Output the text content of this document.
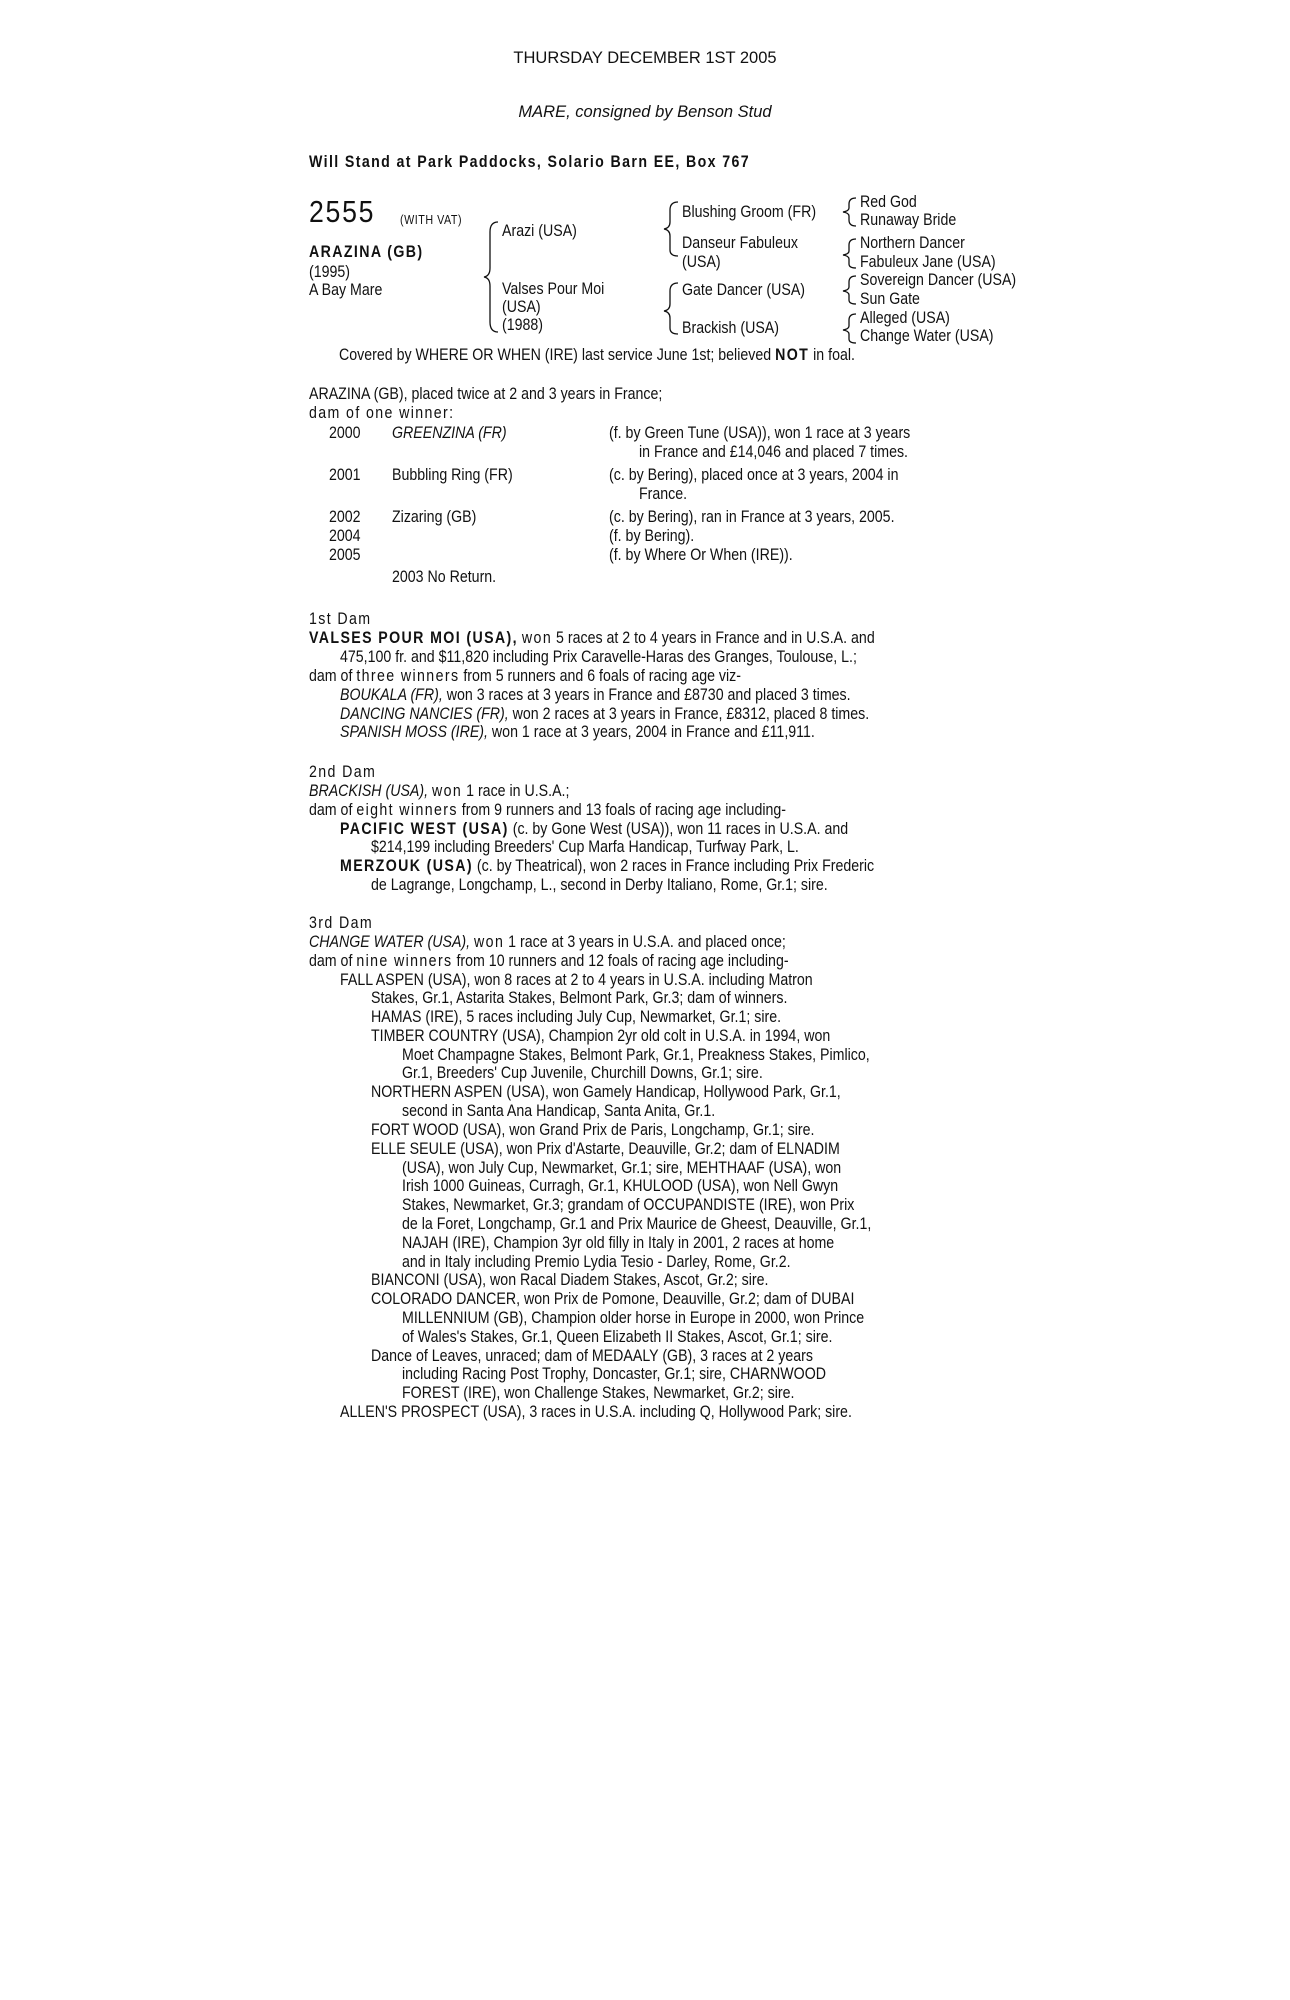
THURSDAY DECEMBER 1ST 2005
MARE, consigned by Benson Stud
Will Stand at Park Paddocks, Solario Barn EE, Box 767
2555 (WITH VAT)
ARAZINA (GB)
(1995)
A Bay Mare
Arazi (USA)
Valses Pour Moi
(USA)
(1988)
Blushing Groom (FR)
Danseur Fabuleux
(USA)
Gate Dancer (USA)
Brackish (USA)
Red God
Runaway Bride
Northern Dancer
Fabuleux Jane (USA)
Sovereign Dancer (USA)
Sun Gate
Alleged (USA)
Change Water (USA)
Covered by WHERE OR WHEN (IRE) last service June 1st; believed NOT in foal.
ARAZINA (GB), placed twice at 2 and 3 years in France;
dam of one winner:
2000 GREENZINA (FR)	(f. by Green Tune (USA)), won 1 race at 3 years
in France and £14,046 and placed 7 times.
2001 Bubbling Ring (FR)	(c. by Bering), placed once at 3 years, 2004 in
France.
2002 Zizaring (GB)	(c. by Bering), ran in France at 3 years, 2005.
2004	(f. by Bering).
2005	(f. by Where Or When (IRE)).
2003 No Return.
1st Dam
VALSES POUR MOI (USA), won 5 races at 2 to 4 years in France and in U.S.A. and
475,100 fr. and $11,820 including Prix Caravelle-Haras des Granges, Toulouse, L.;
dam of three winners from 5 runners and 6 foals of racing age viz-
BOUKALA (FR), won 3 races at 3 years in France and £8730 and placed 3 times.
DANCING NANCIES (FR), won 2 races at 3 years in France, £8312, placed 8 times.
SPANISH MOSS (IRE), won 1 race at 3 years, 2004 in France and £11,911.
2nd Dam
BRACKISH (USA), won 1 race in U.S.A.;
dam of eight winners from 9 runners and 13 foals of racing age including-
PACIFIC WEST (USA) (c. by Gone West (USA)), won 11 races in U.S.A. and
$214,199 including Breeders' Cup Marfa Handicap, Turfway Park, L.
MERZOUK (USA) (c. by Theatrical), won 2 races in France including Prix Frederic
de Lagrange, Longchamp, L., second in Derby Italiano, Rome, Gr.1; sire.
3rd Dam
CHANGE WATER (USA), won 1 race at 3 years in U.S.A. and placed once;
dam of nine winners from 10 runners and 12 foals of racing age including-
FALL ASPEN (USA), won 8 races at 2 to 4 years in U.S.A. including Matron
Stakes, Gr.1, Astarita Stakes, Belmont Park, Gr.3; dam of winners.
HAMAS (IRE), 5 races including July Cup, Newmarket, Gr.1; sire.
TIMBER COUNTRY (USA), Champion 2yr old colt in U.S.A. in 1994, won
Moet Champagne Stakes, Belmont Park, Gr.1, Preakness Stakes, Pimlico,
Gr.1, Breeders' Cup Juvenile, Churchill Downs, Gr.1; sire.
NORTHERN ASPEN (USA), won Gamely Handicap, Hollywood Park, Gr.1,
second in Santa Ana Handicap, Santa Anita, Gr.1.
FORT WOOD (USA), won Grand Prix de Paris, Longchamp, Gr.1; sire.
ELLE SEULE (USA), won Prix d'Astarte, Deauville, Gr.2; dam of ELNADIM
(USA), won July Cup, Newmarket, Gr.1; sire, MEHTHAAF (USA), won
Irish 1000 Guineas, Curragh, Gr.1, KHULOOD (USA), won Nell Gwyn
Stakes, Newmarket, Gr.3; grandam of OCCUPANDISTE (IRE), won Prix
de la Foret, Longchamp, Gr.1 and Prix Maurice de Gheest, Deauville, Gr.1,
NAJAH (IRE), Champion 3yr old filly in Italy in 2001, 2 races at home
and in Italy including Premio Lydia Tesio - Darley, Rome, Gr.2.
BIANCONI (USA), won Racal Diadem Stakes, Ascot, Gr.2; sire.
COLORADO DANCER, won Prix de Pomone, Deauville, Gr.2; dam of DUBAI
MILLENNIUM (GB), Champion older horse in Europe in 2000, won Prince
of Wales's Stakes, Gr.1, Queen Elizabeth II Stakes, Ascot, Gr.1; sire.
Dance of Leaves, unraced; dam of MEDAALY (GB), 3 races at 2 years
including Racing Post Trophy, Doncaster, Gr.1; sire, CHARNWOOD
FOREST (IRE), won Challenge Stakes, Newmarket, Gr.2; sire.
ALLEN'S PROSPECT (USA), 3 races in U.S.A. including Q, Hollywood Park; sire.
